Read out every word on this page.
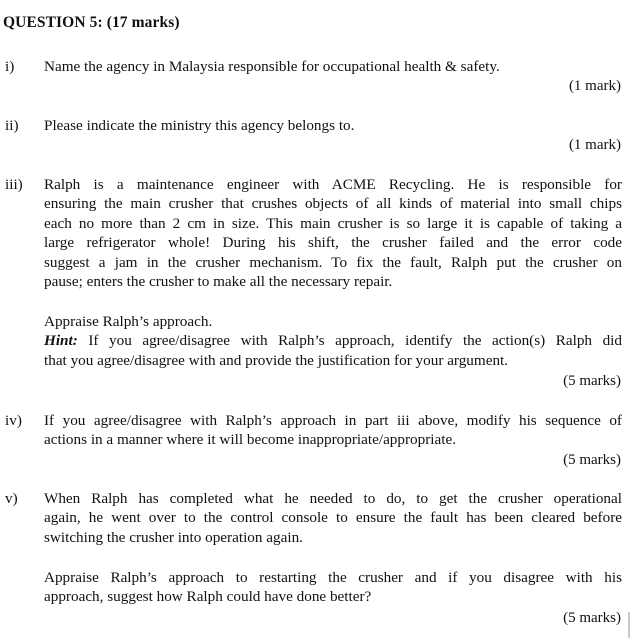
QUESTION 5: (17 marks)
i) Name the agency in Malaysia responsible for occupational health & safety.
(1 mark)
ii) Please indicate the ministry this agency belongs to.
(1 mark)
iii) Ralph is a maintenance engineer with ACME Recycling. He is responsible for
ensuring the main crusher that crushes objects of all kinds of material into small chips
each no more than 2 cm in size. This main crusher is so large it is capable of taking a
large refrigerator whole! During his shift, the crusher failed and the error code
suggest a jam in the crusher mechanism. To fix the fault, Ralph put the crusher on
pause; enters the crusher to make all the necessary repair.
Appraise Ralph’s approach.
Hint: If you agree/disagree with Ralph’s approach, identify the action(s) Ralph did
that you agree/disagree with and provide the justification for your argument.
(5 marks)
iv) If you agree/disagree with Ralph’s approach in part iii above, modify his sequence of
actions in a manner where it will become inappropriate/appropriate.
(5 marks)
v) When Ralph has completed what he needed to do, to get the crusher operational
again, he went over to the control console to ensure the fault has been cleared before
switching the crusher into operation again.
Appraise Ralph’s approach to restarting the crusher and if you disagree with his
approach, suggest how Ralph could have done better?
(5 marks)
